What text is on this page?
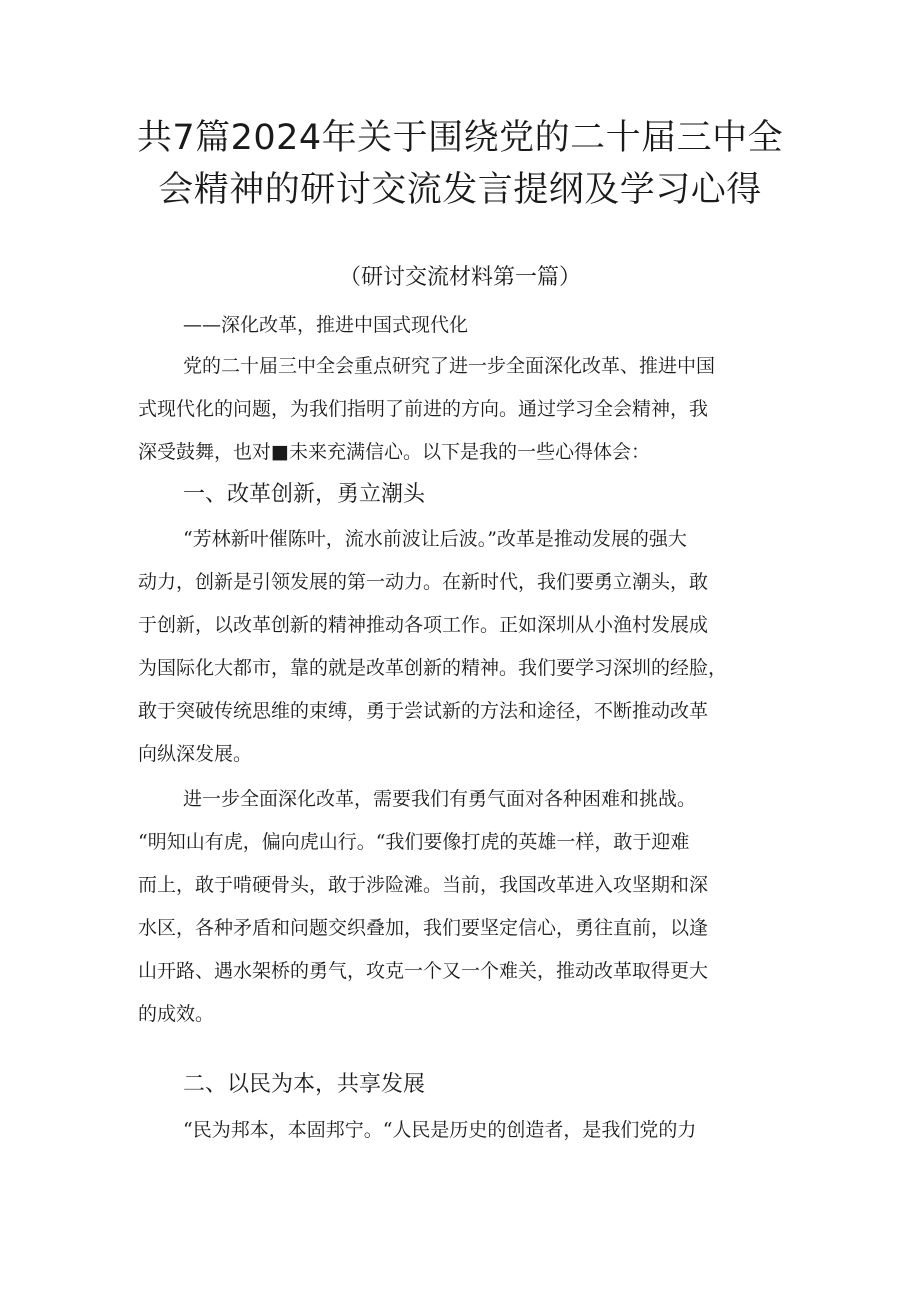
共7篇2024年关于围绕党的二十届三中全
会精神的研讨交流发言提纲及学习心得
（研讨交流材料第一篇）
——深化改革，推进中国式现代化
党的二十届三中全会重点研究了进一步全面深化改革、推进中国
式现代化的问题，为我们指明了前进的方向。通过学习全会精神，我
深受鼓舞，也对■未来充满信心。以下是我的一些心得体会：
一、改革创新，勇立潮头
“芳林新叶催陈叶，流水前波让后波。”改革是推动发展的强大
动力，创新是引领发展的第一动力。在新时代，我们要勇立潮头，敢
于创新，以改革创新的精神推动各项工作。正如深圳从小渔村发展成
为国际化大都市，靠的就是改革创新的精神。我们要学习深圳的经脸，
敢于突破传统思维的束缚，勇于尝试新的方法和途径，不断推动改革
向纵深发展。
进一步全面深化改革，需要我们有勇气面对各种困难和挑战。
“明知山有虎，偏向虎山行。“我们要像打虎的英雄一样，敢于迎难
而上，敢于啃硬骨头，敢于涉险滩。当前，我国改革进入攻坚期和深
水区，各种矛盾和问题交织叠加，我们要坚定信心，勇往直前，以逢
山开路、遇水架桥的勇气，攻克一个又一个难关，推动改革取得更大
的成效。
二、以民为本，共享发展
“民为邦本，本固邦宁。“人民是历史的创造者，是我们党的力
